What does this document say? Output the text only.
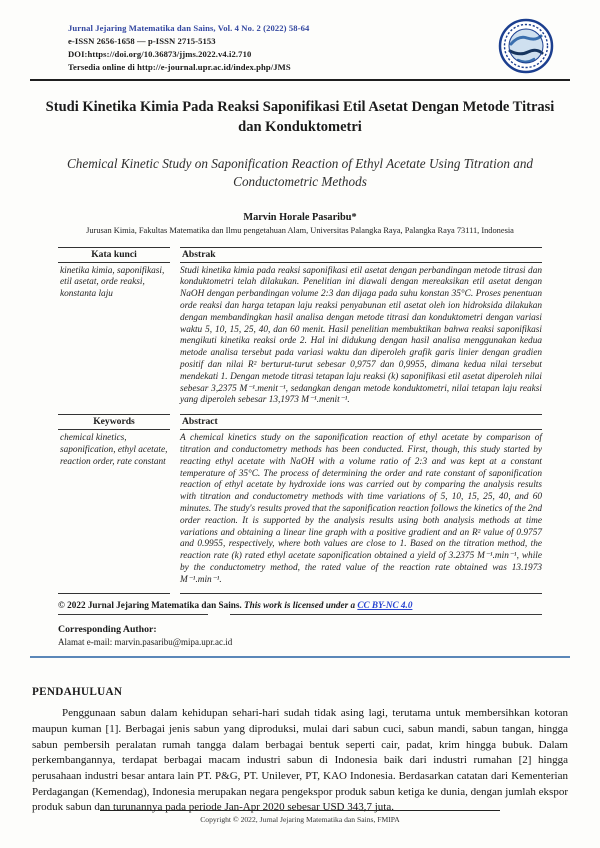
Jurnal Jejaring Matematika dan Sains, Vol. 4 No. 2 (2022) 58-64
e-ISSN 2656-1658 — p-ISSN 2715-5153
DOI:https://doi.org/10.36873/jjms.2022.v4.i2.710
Tersedia online di http://e-journal.upr.ac.id/index.php/JMS
Studi Kinetika Kimia Pada Reaksi Saponifikasi Etil Asetat Dengan Metode Titrasi dan Konduktometri
Chemical Kinetic Study on Saponification Reaction of Ethyl Acetate Using Titration and Conductometric Methods
Marvin Horale Pasaribu*
Jurusan Kimia, Fakultas Matematika dan Ilmu pengetahuan Alam, Universitas Palangka Raya, Palangka Raya 73111, Indonesia
Kata kunci	Abstrak
kinetika kimia, saponifikasi, etil asetat, orde reaksi, konstanta laju
Studi kinetika kimia pada reaksi saponifikasi etil asetat dengan perbandingan metode titrasi dan konduktometri telah dilakukan. Penelitian ini diawali dengan mereaksikan etil asetat dengan NaOH dengan perbandingan volume 2:3 dan dijaga pada suhu konstan 35°C. Proses penentuan orde reaksi dan harga tetapan laju reaksi penyabunan etil asetat oleh ion hidroksida dilakukan dengan membandingkan hasil analisa dengan metode titrasi dan konduktometri dengan variasi waktu 5, 10, 15, 25, 40, dan 60 menit. Hasil penelitian membuktikan bahwa reaksi saponifikasi mengikuti kinetika reaksi orde 2. Hal ini didukung dengan hasil analisa menggunakan kedua metode analisa tersebut pada variasi waktu dan diperoleh grafik garis linier dengan gradien positif dan nilai R² berturut-turut sebesar 0,9757 dan 0,9955, dimana kedua nilai tersebut mendekati 1. Dengan metode titrasi tetapan laju reaksi (k) saponifikasi etil asetat diperoleh nilai sebesar 3,2375 M⁻¹.menit⁻¹, sedangkan dengan metode konduktometri, nilai tetapan laju reaksi yang diperoleh sebesar 13,1973 M⁻¹.menit⁻¹.
Keywords	Abstract
chemical kinetics, saponification, ethyl acetate, reaction order, rate constant
A chemical kinetics study on the saponification reaction of ethyl acetate by comparison of titration and conductometry methods has been conducted. First, though, this study started by reacting ethyl acetate with NaOH with a volume ratio of 2:3 and was kept at a constant temperature of 35°C. The process of determining the order and rate constant of saponification reaction of ethyl acetate by hydroxide ions was carried out by comparing the analysis results with titration and conductometry methods with time variations of 5, 10, 15, 25, 40, and 60 minutes. The study's results proved that the saponification reaction follows the kinetics of the 2nd order reaction. It is supported by the analysis results using both analysis methods at time variations and obtaining a linear line graph with a positive gradient and an R² value of 0.9757 and 0.9955, respectively, where both values are close to 1. Based on the titration method, the reaction rate (k) rated ethyl acetate saponification obtained a yield of 3.2375 M⁻¹.min⁻¹, while by the conductometry method, the rated value of the reaction rate obtained was 13.1973 M⁻¹.min⁻¹.
© 2022 Jurnal Jejaring Matematika dan Sains. This work is licensed under a CC BY-NC 4.0
Corresponding Author:
Alamat e-mail: marvin.pasaribu@mipa.upr.ac.id
PENDAHULUAN
Penggunaan sabun dalam kehidupan sehari-hari sudah tidak asing lagi, terutama untuk membersihkan kotoran maupun kuman [1]. Berbagai jenis sabun yang diproduksi, mulai dari sabun cuci, sabun mandi, sabun tangan, hingga sabun pembersih peralatan rumah tangga dalam berbagai bentuk seperti cair, padat, krim hingga bubuk. Dalam perkembangannya, terdapat berbagai macam industri sabun di Indonesia baik dari industri rumahan [2] hingga perusahaan industri besar antara lain PT. P&G, PT. Unilever, PT, KAO Indonesia. Berdasarkan catatan dari Kementerian Perdagangan (Kemendag), Indonesia merupakan negara pengekspor produk sabun ketiga ke dunia, dengan jumlah ekspor produk sabun dan turunannya pada periode Jan-Apr 2020 sebesar USD 343,7 juta.
Copyright © 2022, Jurnal Jejaring Matematika dan Sains, FMIPA
